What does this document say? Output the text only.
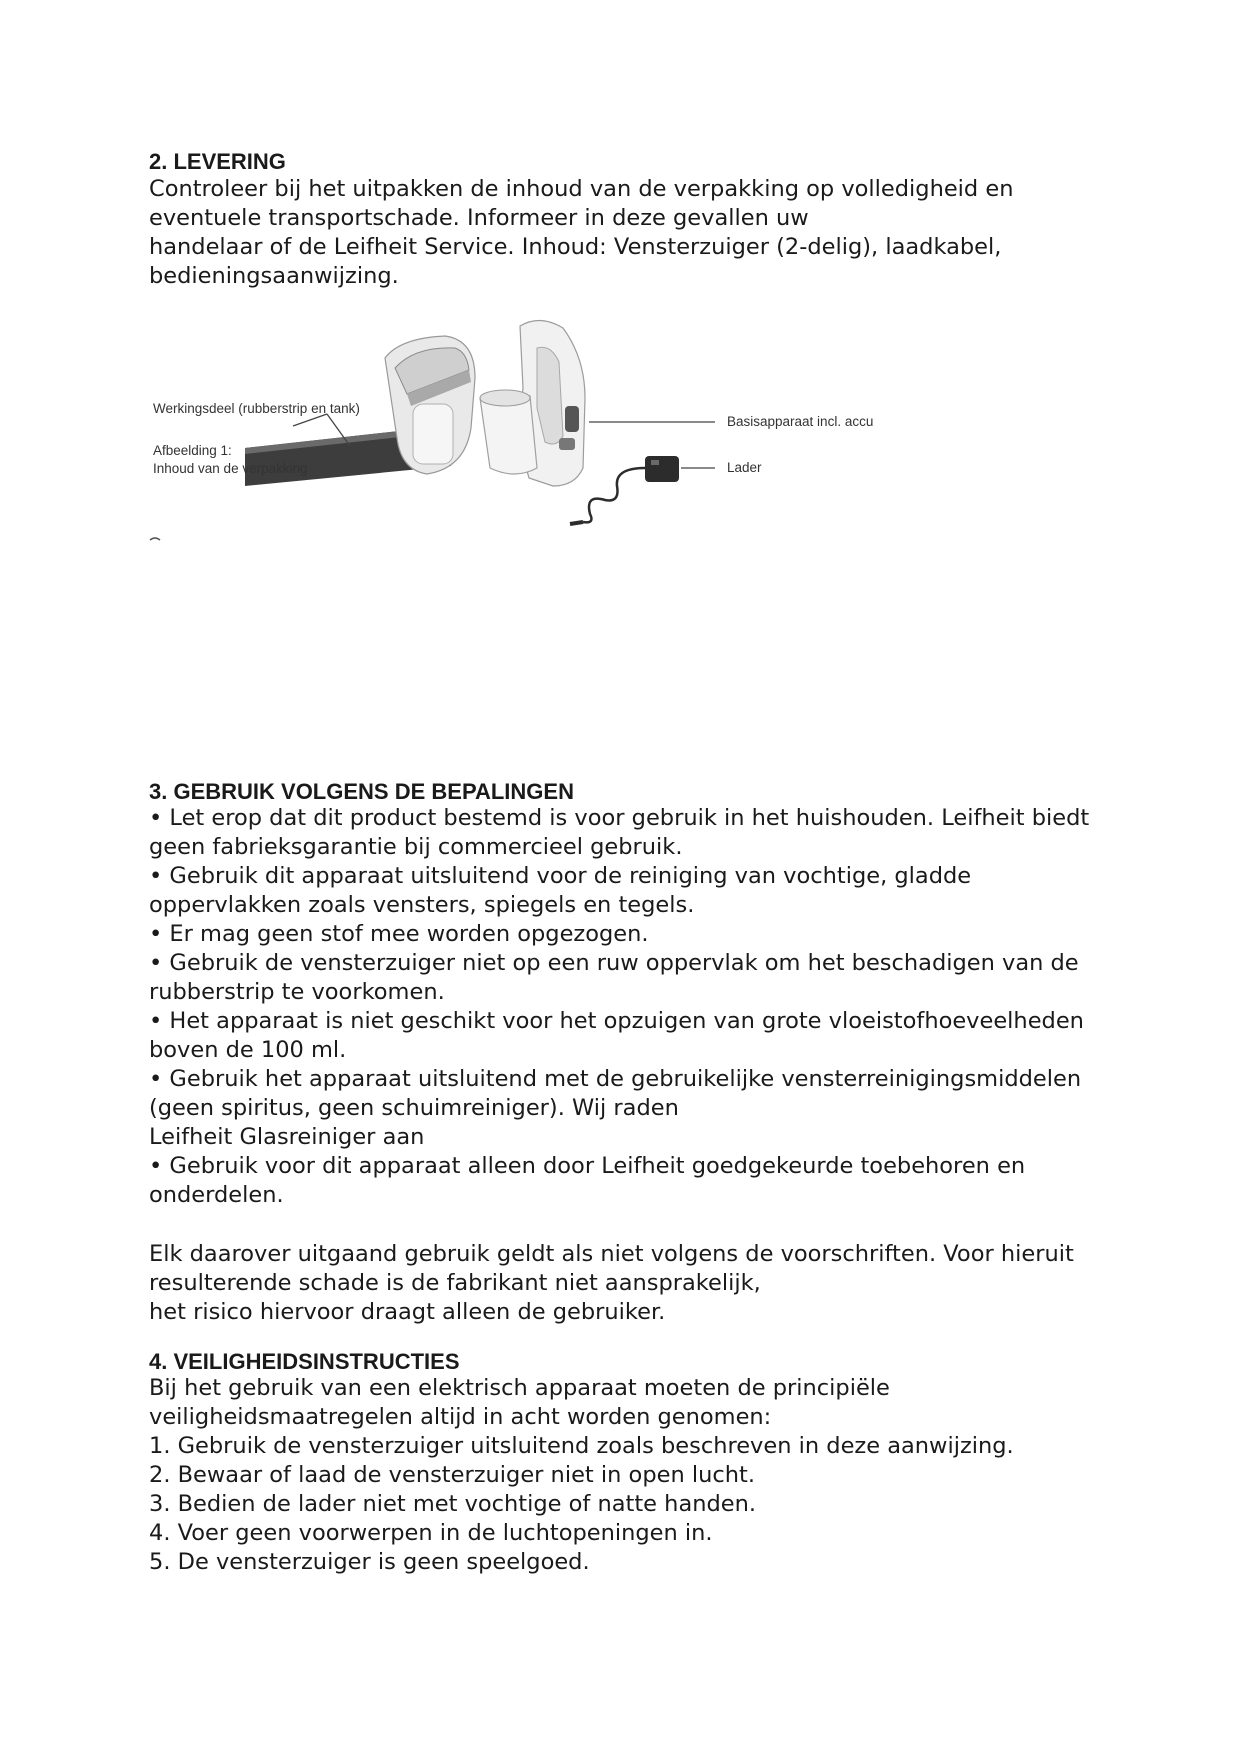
2. LEVERING
Controleer bij het uitpakken de inhoud van de verpakking op volledigheid en
eventuele transportschade. Informeer in deze gevallen uw
handelaar of de Leifheit Service. Inhoud: Vensterzuiger (2-delig), laadkabel,
bedieningsaanwijzing.
Werkingsdeel (rubberstrip en tank)
Afbeelding 1:
Inhoud van de verpakking
Basisapparaat incl. accu
Lader
3. GEBRUIK VOLGENS DE BEPALINGEN
• Let erop dat dit product bestemd is voor gebruik in het huishouden. Leifheit biedt
geen fabrieksgarantie bij commercieel gebruik.
• Gebruik dit apparaat uitsluitend voor de reiniging van vochtige, gladde
oppervlakken zoals vensters, spiegels en tegels.
• Er mag geen stof mee worden opgezogen.
• Gebruik de vensterzuiger niet op een ruw oppervlak om het beschadigen van de
rubberstrip te voorkomen.
• Het apparaat is niet geschikt voor het opzuigen van grote vloeistofhoeveelheden
boven de 100 ml.
• Gebruik het apparaat uitsluitend met de gebruikelijke vensterreinigingsmiddelen
(geen spiritus, geen schuimreiniger). Wij raden
Leifheit Glasreiniger aan
• Gebruik voor dit apparaat alleen door Leifheit goedgekeurde toebehoren en
onderdelen.
Elk daarover uitgaand gebruik geldt als niet volgens de voorschriften. Voor hieruit
resulterende schade is de fabrikant niet aansprakelijk,
het risico hiervoor draagt alleen de gebruiker.
4. VEILIGHEIDSINSTRUCTIES
Bij het gebruik van een elektrisch apparaat moeten de principiële
veiligheidsmaatregelen altijd in acht worden genomen:
1. Gebruik de vensterzuiger uitsluitend zoals beschreven in deze aanwijzing.
2. Bewaar of laad de vensterzuiger niet in open lucht.
3. Bedien de lader niet met vochtige of natte handen.
4. Voer geen voorwerpen in de luchtopeningen in.
5. De vensterzuiger is geen speelgoed.
